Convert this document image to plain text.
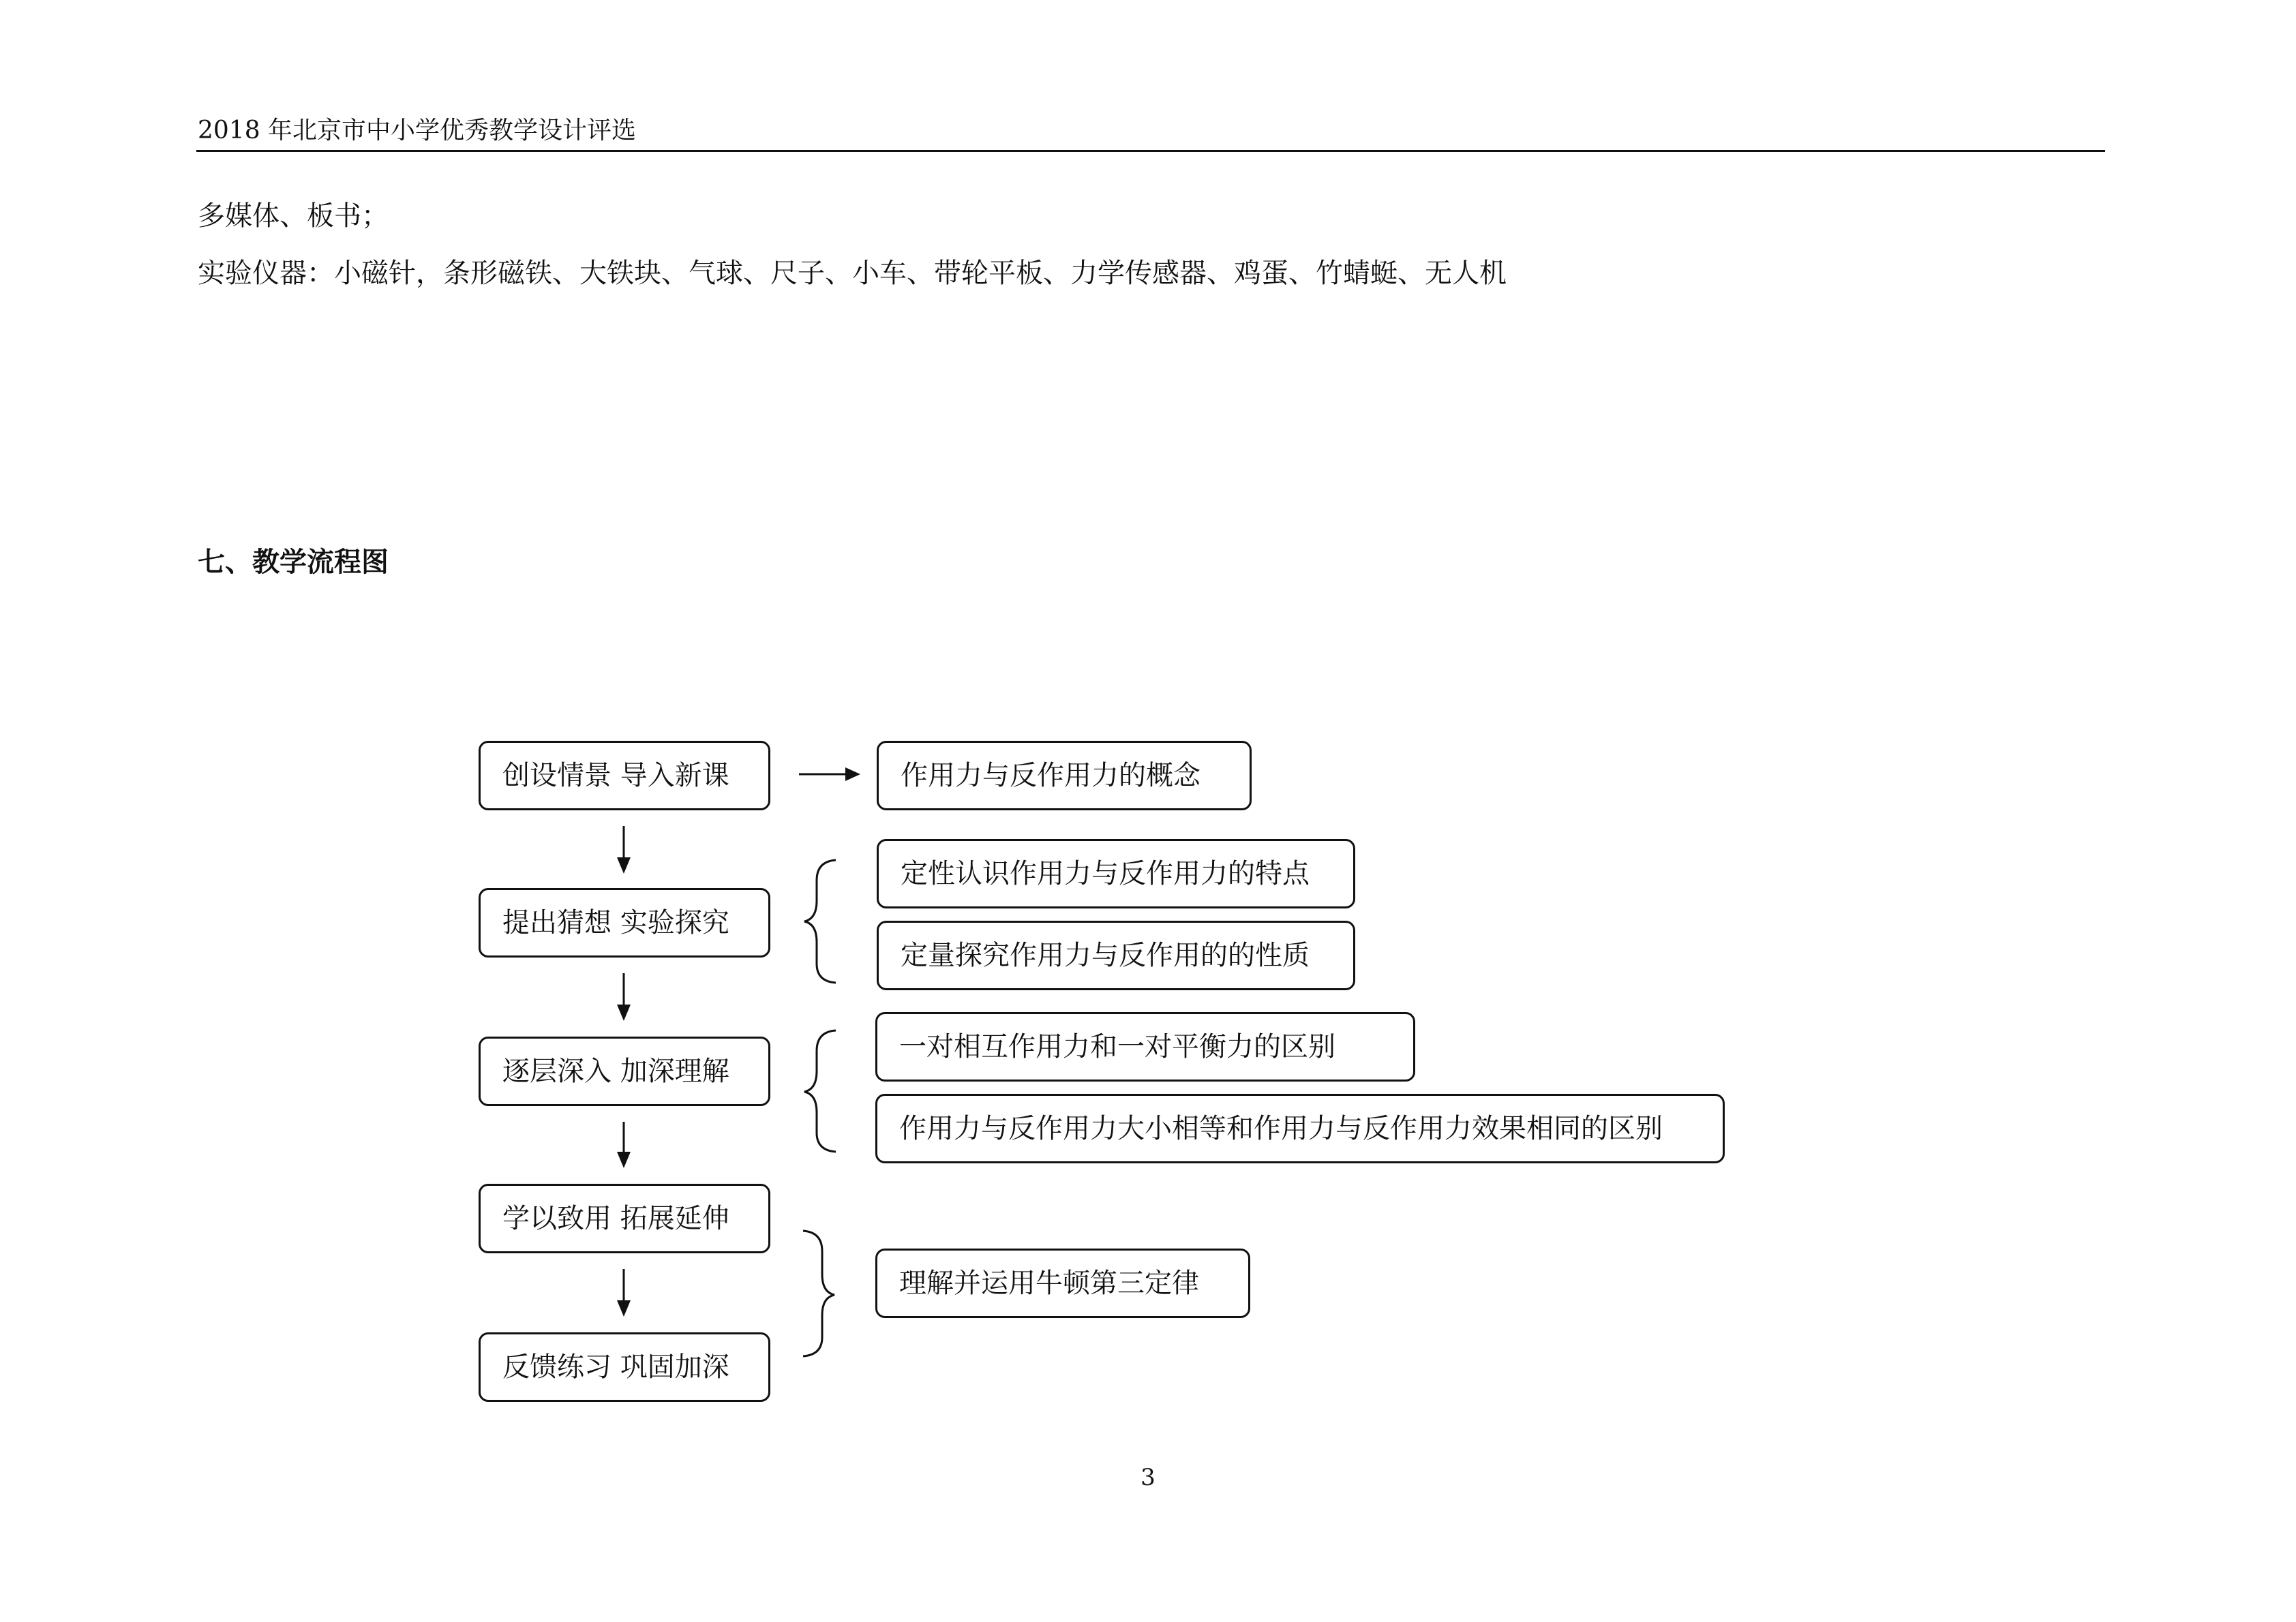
2018 年北京市中小学优秀教学设计评选
多媒体、板书；
实验仪器：小磁针，条形磁铁、大铁块、气球、尺子、小车、带轮平板、力学传感器、鸡蛋、竹蜻蜓、无人机
七、教学流程图
创设情景 导入新课
提出猜想 实验探究
逐层深入 加深理解
学以致用 拓展延伸
反馈练习 巩固加深
作用力与反作用力的概念
定性认识作用力与反作用力的特点
定量探究作用力与反作用的的性质
一对相互作用力和一对平衡力的区别
作用力与反作用力大小相等和作用力与反作用力效果相同的区别
理解并运用牛顿第三定律
3
